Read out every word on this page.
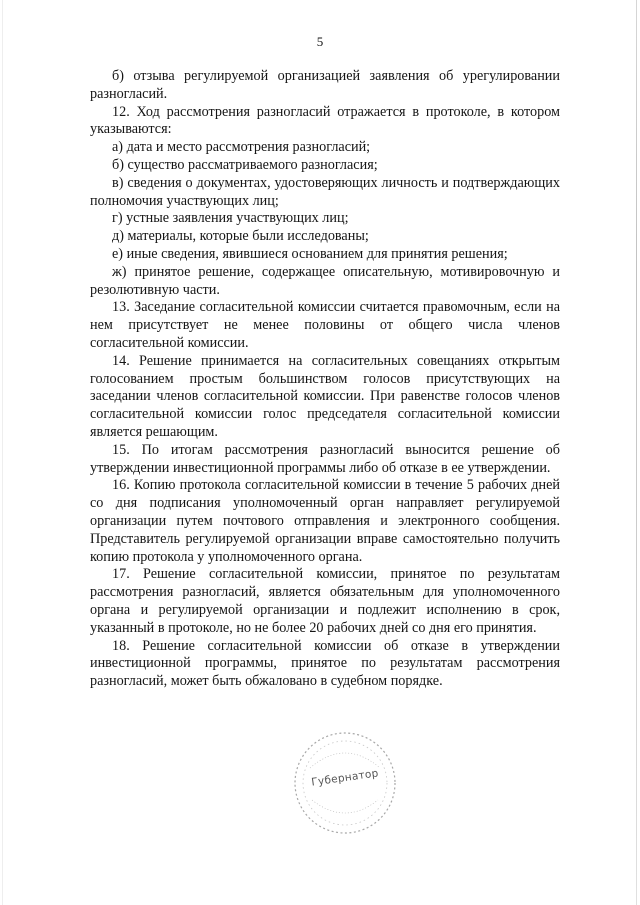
5

б) отзыва регулируемой организацией заявления об урегулировании разногласий.

12. Ход рассмотрения разногласий отражается в протоколе, в котором указываются:

а) дата и место рассмотрения разногласий;

б) существо рассматриваемого разногласия;

в) сведения о документах, удостоверяющих личность и подтверждающих полномочия участвующих лиц;

г) устные заявления участвующих лиц;

д) материалы, которые были исследованы;

е) иные сведения, явившиеся основанием для принятия решения;

ж) принятое решение, содержащее описательную, мотивировочную и резолютивную части.

13. Заседание согласительной комиссии считается правомочным, если на нем присутствует не менее половины от общего числа членов согласительной комиссии.

14. Решение принимается на согласительных совещаниях открытым голосованием простым большинством голосов присутствующих на заседании членов согласительной комиссии. При равенстве голосов членов согласительной комиссии голос председателя согласительной комиссии является решающим.

15. По итогам рассмотрения разногласий выносится решение об утверждении инвестиционной программы либо об отказе в ее утверждении.

16. Копию протокола согласительной комиссии в течение 5 рабочих дней со дня подписания уполномоченный орган направляет регулируемой организации путем почтового отправления и электронного сообщения. Представитель регулируемой организации вправе самостоятельно получить копию протокола у уполномоченного органа.

17. Решение согласительной комиссии, принятое по результатам рассмотрения разногласий, является обязательным для уполномоченного органа и регулируемой организации и подлежит исполнению в срок, указанный в протоколе, но не более 20 рабочих дней со дня его принятия.

18. Решение согласительной комиссии об отказе в утверждении инвестиционной программы, принятое по результатам рассмотрения разногласий, может быть обжаловано в судебном порядке.

Губернатор
